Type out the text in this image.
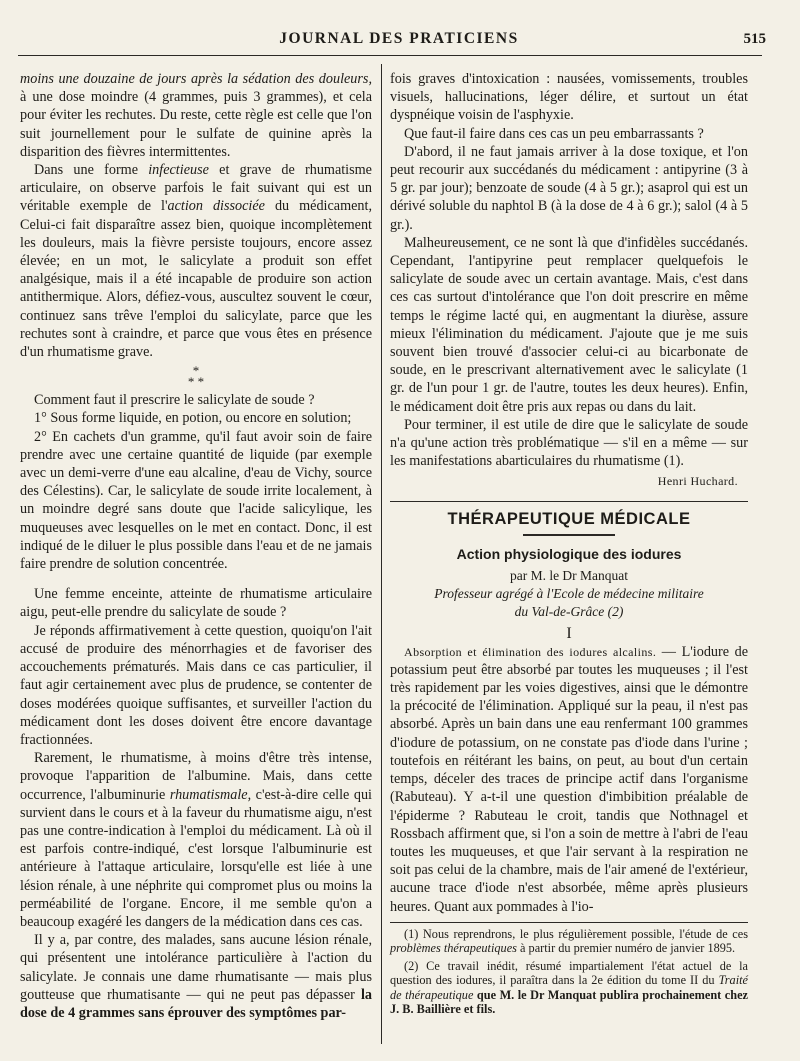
JOURNAL DES PRATICIENS	515

moins une douzaine de jours après la sédation des douleurs, à une dose moindre (4 grammes, puis 3 grammes), et cela pour éviter les rechutes. Du reste, cette règle est celle que l'on suit journellement pour le sulfate de quinine après la disparition des fièvres intermittentes.

Dans une forme infectieuse et grave de rhumatisme articulaire, on observe parfois le fait suivant qui est un véritable exemple de l'action dissociée du médicament, Celui-ci fait disparaître assez bien, quoique incomplètement les douleurs, mais la fièvre persiste toujours, encore assez élevée; en un mot, le salicylate a produit son effet analgésique, mais il a été incapable de produire son action antithermique. Alors, défiez-vous, auscultez souvent le cœur, continuez sans trêve l'emploi du salicylate, parce que les rechutes sont à craindre, et parce que vous êtes en présence d'un rhumatisme grave.

*
* *

Comment faut il prescrire le salicylate de soude ?

1° Sous forme liquide, en potion, ou encore en solution;

2° En cachets d'un gramme, qu'il faut avoir soin de faire prendre avec une certaine quantité de liquide (par exemple avec un demi-verre d'une eau alcaline, d'eau de Vichy, source des Célestins). Car, le salicylate de soude irrite localement, à un moindre degré sans doute que l'acide salicylique, les muqueuses avec lesquelles on le met en contact. Donc, il est indiqué de le diluer le plus possible dans l'eau et de ne jamais faire prendre de solution concentrée.

Une femme enceinte, atteinte de rhumatisme articulaire aigu, peut-elle prendre du salicylate de soude ?

Je réponds affirmativement à cette question, quoiqu'on l'ait accusé de produire des ménorrhagies et de favoriser des accouchements prématurés. Mais dans ce cas particulier, il faut agir certainement avec plus de prudence, se contenter de doses modérées quoique suffisantes, et surveiller l'action du médicament dont les doses doivent être encore davantage fractionnées.

Rarement, le rhumatisme, à moins d'être très intense, provoque l'apparition de l'albumine. Mais, dans cette occurrence, l'albuminurie rhumatismale, c'est-à-dire celle qui survient dans le cours et à la faveur du rhumatisme aigu, n'est pas une contre-indication à l'emploi du médicament. Là où il est parfois contre-indiqué, c'est lorsque l'albuminurie est antérieure à l'attaque articulaire, lorsqu'elle est liée à une lésion rénale, à une néphrite qui compromet plus ou moins la perméabilité de l'organe. Encore, il me semble qu'on a beaucoup exagéré les dangers de la médication dans ces cas.

Il y a, par contre, des malades, sans aucune lésion rénale, qui présentent une intolérance particulière à l'action du salicylate. Je connais une dame rhumatisante — mais plus goutteuse que rhumatisante — qui ne peut pas dépasser la dose de 4 grammes sans éprouver des symptômes par-

fois graves d'intoxication : nausées, vomissements, troubles visuels, hallucinations, léger délire, et surtout un état dyspnéique voisin de l'asphyxie.

Que faut-il faire dans ces cas un peu embarrassants ?

D'abord, il ne faut jamais arriver à la dose toxique, et l'on peut recourir aux succédanés du médicament : antipyrine (3 à 5 gr. par jour); benzoate de soude (4 à 5 gr.); asaprol qui est un dérivé soluble du naphtol B (à la dose de 4 à 6 gr.); salol (4 à 5 gr.).

Malheureusement, ce ne sont là que d'infidèles succédanés. Cependant, l'antipyrine peut remplacer quelquefois le salicylate de soude avec un certain avantage. Mais, c'est dans ces cas surtout d'intolérance que l'on doit prescrire en même temps le régime lacté qui, en augmentant la diurèse, assure mieux l'élimination du médicament. J'ajoute que je me suis souvent bien trouvé d'associer celui-ci au bicarbonate de soude, en le prescrivant alternativement avec le salicylate (1 gr. de l'un pour 1 gr. de l'autre, toutes les deux heures). Enfin, le médicament doit être pris aux repas ou dans du lait.

Pour terminer, il est utile de dire que le salicylate de soude n'a qu'une action très problématique — s'il en a même — sur les manifestations abarticulaires du rhumatisme (1).

Henri Huchard.
THÉRAPEUTIQUE MÉDICALE
Action physiologique des iodures
par M. le Dr Manquat
Professeur agrégé à l'Ecole de médecine militaire
du Val-de-Grâce (2)
I

Absorption et élimination des iodures alcalins. — L'iodure de potassium peut être absorbé par toutes les muqueuses ; il l'est très rapidement par les voies digestives, ainsi que le démontre la précocité de l'élimination. Appliqué sur la peau, il n'est pas absorbé. Après un bain dans une eau renfermant 100 grammes d'iodure de potassium, on ne constate pas d'iode dans l'urine ; toutefois en réitérant les bains, on peut, au bout d'un certain temps, déceler des traces de principe actif dans l'organisme (Rabuteau). Y a-t-il une question d'imbibition préalable de l'épiderme ? Rabuteau le croit, tandis que Nothnagel et Rossbach affirment que, si l'on a soin de mettre à l'abri de l'eau toutes les muqueuses, et que l'air servant à la respiration ne soit pas celui de la chambre, mais de l'air amené de l'extérieur, aucune trace d'iode n'est absorbée, même après plusieurs heures. Quant aux pommades à l'io-

(1) Nous reprendrons, le plus régulièrement possible, l'étude de ces problèmes thérapeutiques à partir du premier numéro de janvier 1895.

(2) Ce travail inédit, résumé impartialement l'état actuel de la question des iodures, il paraîtra dans la 2e édition du tome II du Traité de thérapeutique que M. le Dr Manquat publira prochainement chez J. B. Baillière et fils.
